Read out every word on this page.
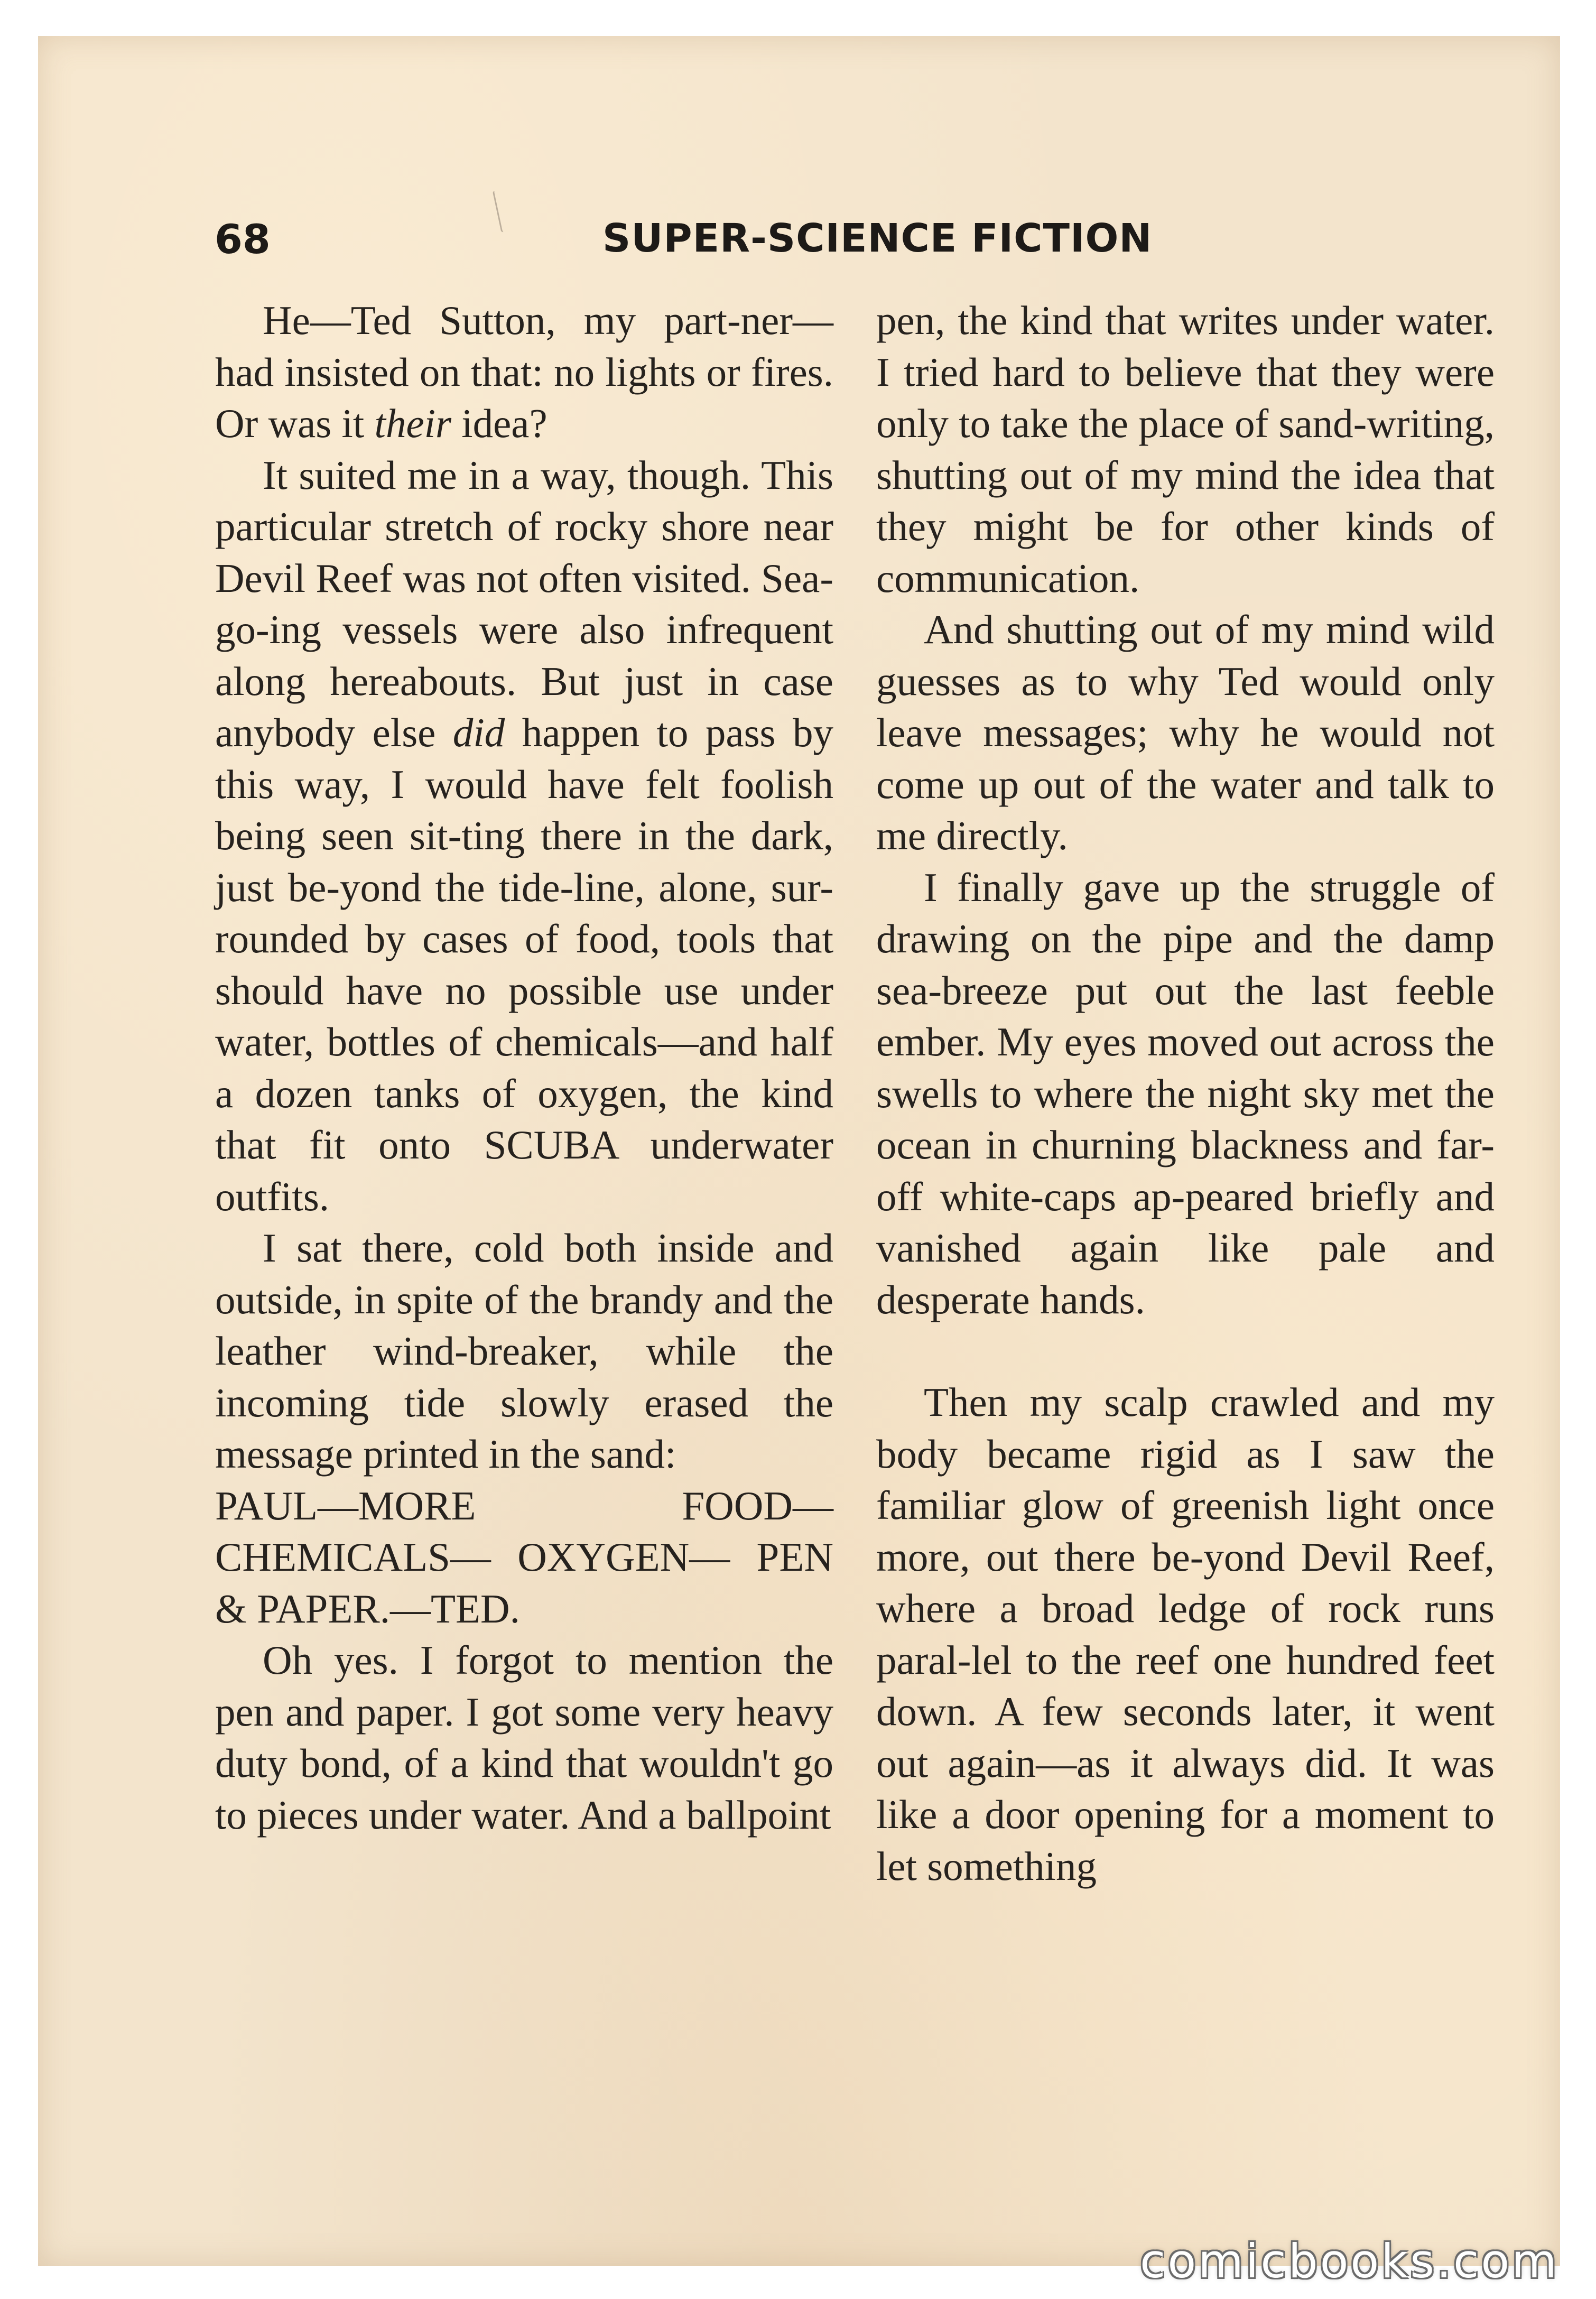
68	SUPER-SCIENCE FICTION

He—Ted Sutton, my part-ner—had insisted on that: no lights or fires. Or was it their idea?

It suited me in a way, though. This particular stretch of rocky shore near Devil Reef was not often visited. Sea-go-ing vessels were also infrequent along hereabouts. But just in case anybody else did happen to pass by this way, I would have felt foolish being seen sit-ting there in the dark, just be-yond the tide-line, alone, sur-rounded by cases of food, tools that should have no possible use under water, bottles of chemicals—and half a dozen tanks of oxygen, the kind that fit onto SCUBA underwater outfits.

I sat there, cold both inside and outside, in spite of the brandy and the leather wind-breaker, while the incoming tide slowly erased the message printed in the sand:

PAUL—MORE FOOD— CHEMICALS— OXYGEN— PEN & PAPER.—TED.

Oh yes. I forgot to mention the pen and paper. I got some very heavy duty bond, of a kind that wouldn't go to pieces under water. And a ballpoint

pen, the kind that writes under water. I tried hard to believe that they were only to take the place of sand-writing, shutting out of my mind the idea that they might be for other kinds of communication.

And shutting out of my mind wild guesses as to why Ted would only leave messages; why he would not come up out of the water and talk to me directly.

I finally gave up the struggle of drawing on the pipe and the damp sea-breeze put out the last feeble ember. My eyes moved out across the swells to where the night sky met the ocean in churning blackness and far-off white-caps ap-peared briefly and vanished again like pale and desperate hands.

Then my scalp crawled and my body became rigid as I saw the familiar glow of greenish light once more, out there be-yond Devil Reef, where a broad ledge of rock runs paral-lel to the reef one hundred feet down. A few seconds later, it went out again—as it always did. It was like a door opening for a moment to let something

comicbooks.com
